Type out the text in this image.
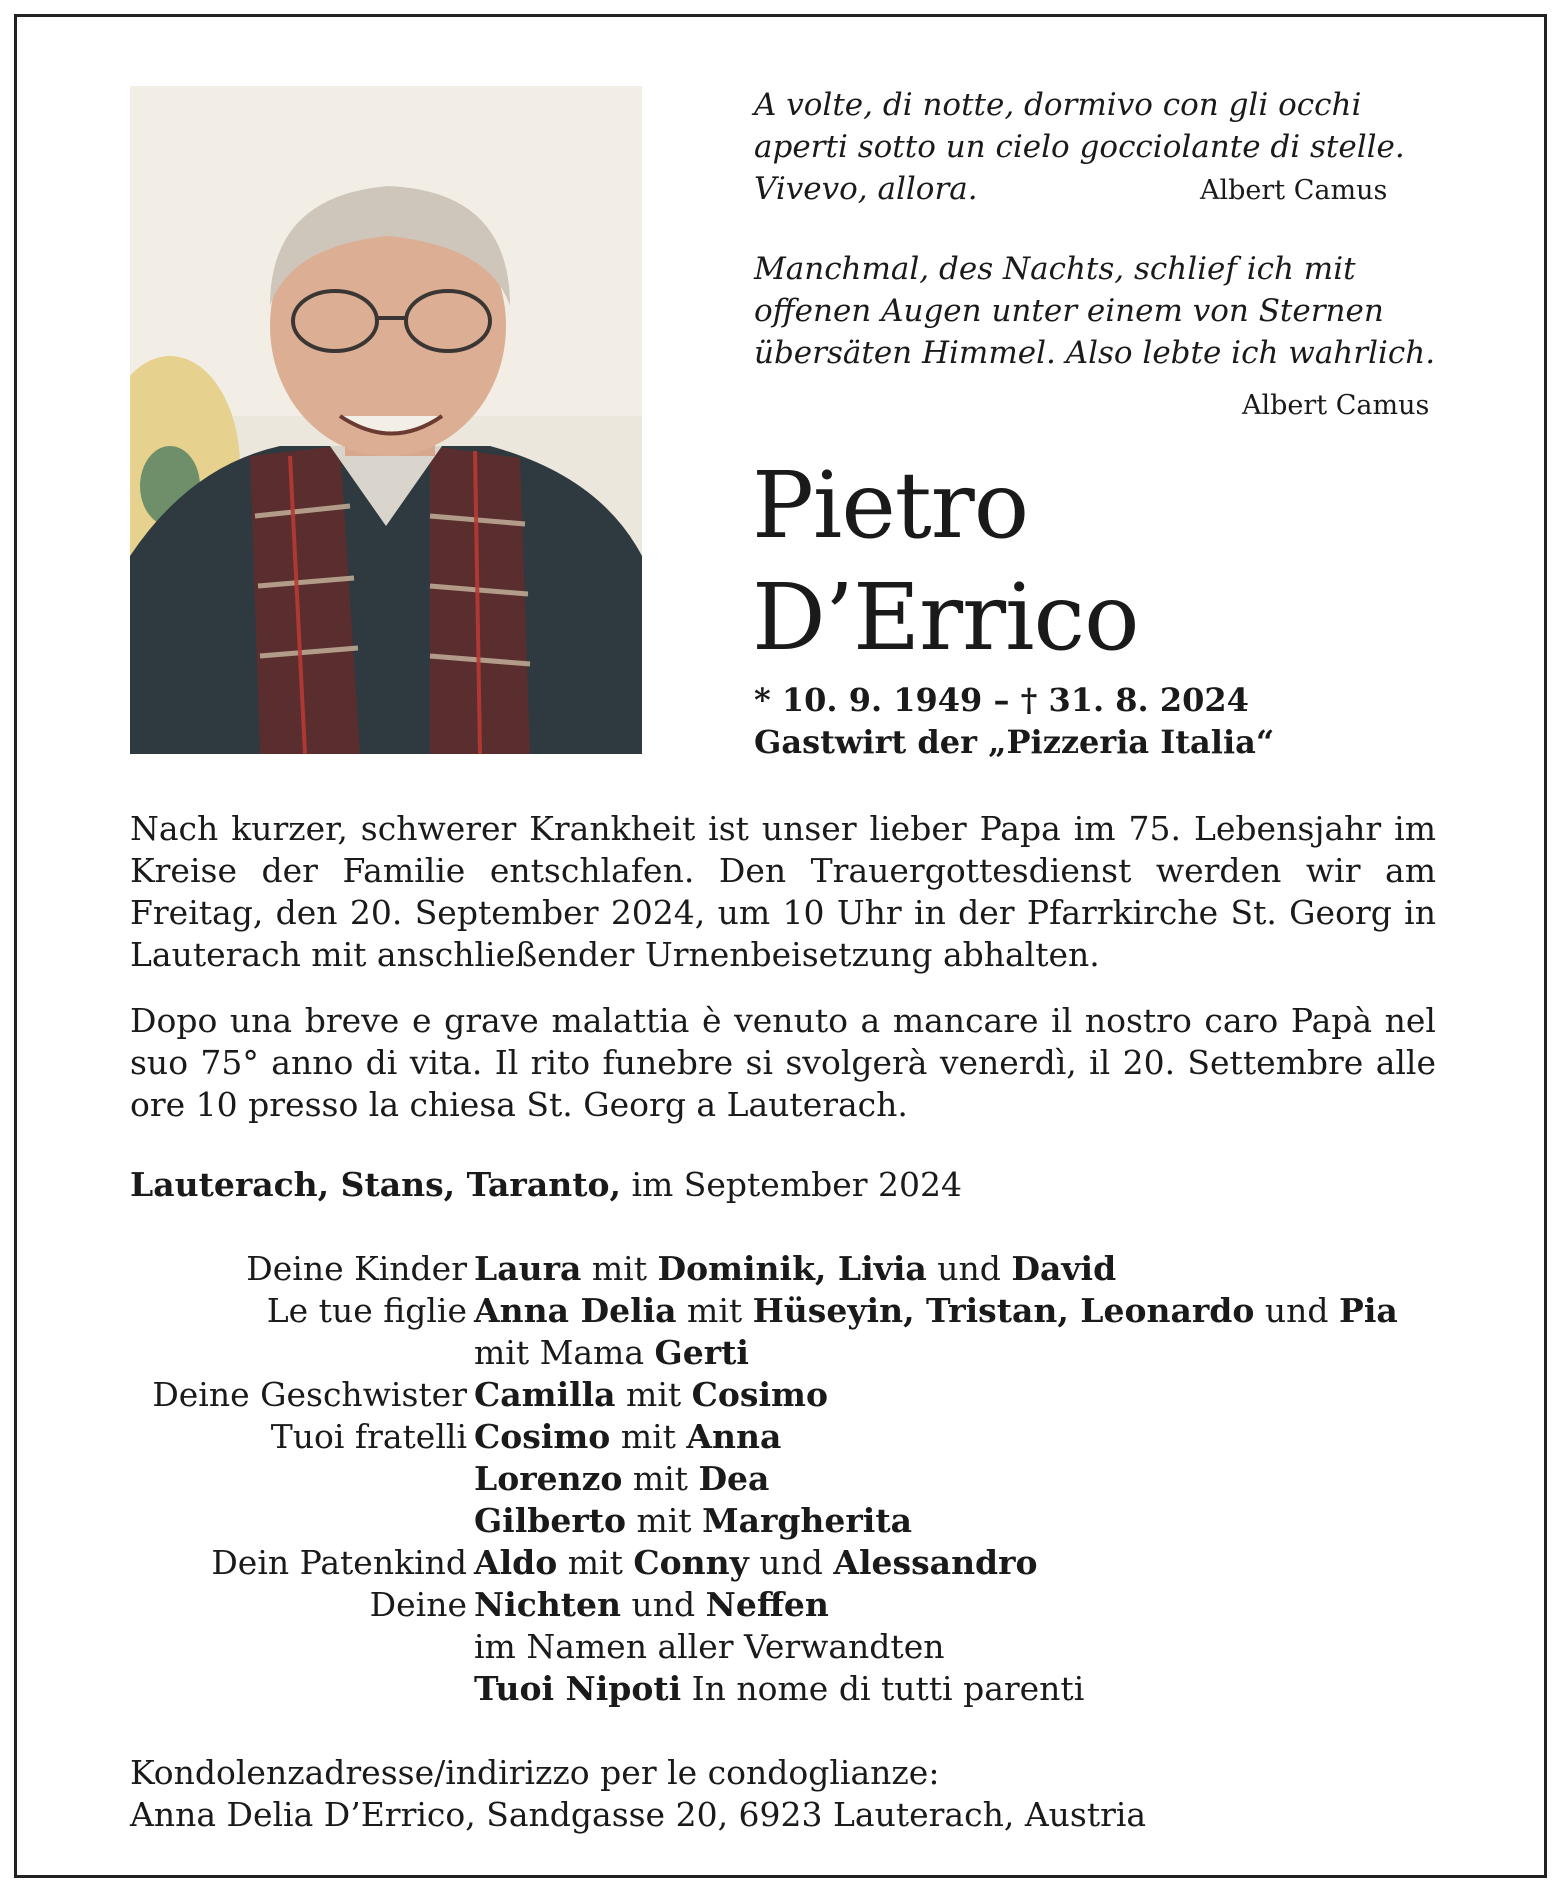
A volte, di notte, dormivo con gli occhi

aperti sotto un cielo gocciolante di stelle.

Vivevo, allora.	Albert Camus

Manchmal, des Nachts, schlief ich mit

offenen Augen unter einem von Sternen

übersäten Himmel. Also lebte ich wahrlich.

Albert Camus
Pietro
D’Errico
* 10. 9. 1949 – † 31. 8. 2024
Gastwirt der „Pizzeria Italia“

Nach kurzer, schwerer Krankheit ist unser lieber Papa im 75. Lebensjahr im Kreise der Familie entschlafen. Den Trauergottesdienst werden wir am Freitag, den 20. September 2024, um 10 Uhr in der Pfarrkirche St. Georg in Lauterach mit anschließender Urnenbeisetzung abhalten.

Dopo una breve e grave malattia è venuto a mancare il nostro caro Papà nel suo 75° anno di vita. Il rito funebre si svolgerà venerdì, il 20. Settembre alle ore 10 presso la chiesa St. Georg a Lauterach.

Lauterach, Stans, Taranto, im September 2024
Deine Kinder Laura mit Dominik, Livia und David
Le tue figlie Anna Delia mit Hüseyin, Tristan, Leonardo und Pia
mit Mama Gerti
Deine Geschwister Camilla mit Cosimo
Tuoi fratelli Cosimo mit Anna
Lorenzo mit Dea
Gilberto mit Margherita
Dein Patenkind Aldo mit Conny und Alessandro
Deine Nichten und Neffen
im Namen aller Verwandten
Tuoi Nipoti In nome di tutti parenti
Kondolenzadresse/indirizzo per le condoglianze:
Anna Delia D’Errico, Sandgasse 20, 6923 Lauterach, Austria
